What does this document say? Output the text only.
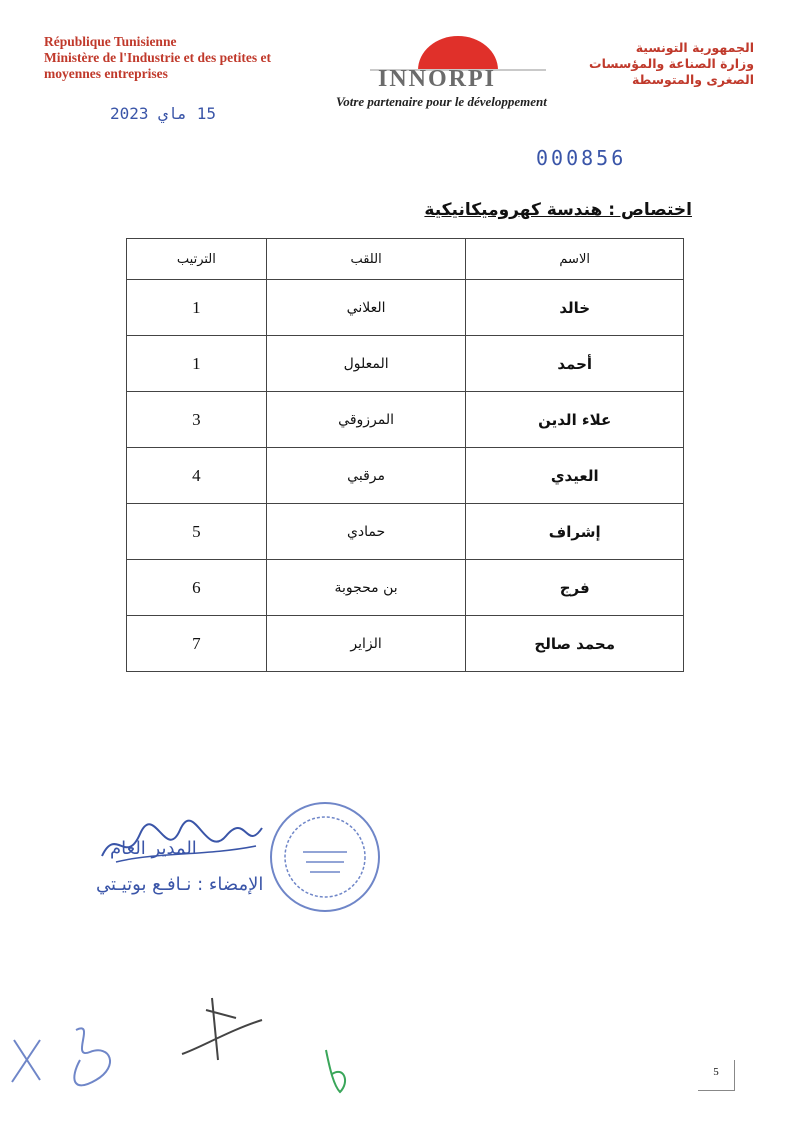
République Tunisienne
Ministère de l'Industrie et des petites et
moyennes entreprises	INNORPI
Votre partenaire pour le développement
الجمهورية التونسية
وزارة الصناعة والمؤسسات
الصغرى والمتوسطة
15 ماي 2023
000856
اختصاص : هندسة كهروميكانيكية
الاسم	اللقب	الترتيب
خالد	العلاني	1
أحمد	المعلول	1
علاء الدين	المرزوقي	3
العيدي	مرقبي	4
إشراف	حمادي	5
فرج	بن محجوبة	6
محمد صالح	الزاير	7
المدير العام
الإمضاء : نـافـع بوتيـتي
5
